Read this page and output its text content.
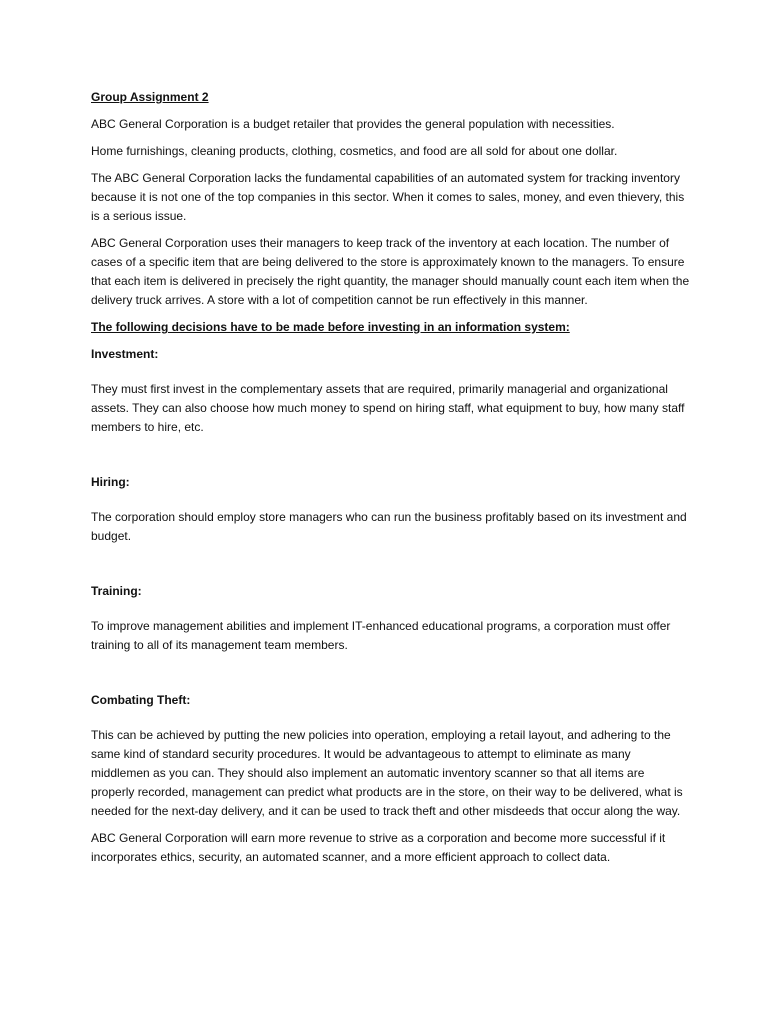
Group Assignment 2

ABC General Corporation is a budget retailer that provides the general population with necessities.

Home furnishings, cleaning products, clothing, cosmetics, and food are all sold for about one dollar.

The ABC General Corporation lacks the fundamental capabilities of an automated system for tracking inventory because it is not one of the top companies in this sector. When it comes to sales, money, and even thievery, this is a serious issue.

ABC General Corporation uses their managers to keep track of the inventory at each location. The number of cases of a specific item that are being delivered to the store is approximately known to the managers. To ensure that each item is delivered in precisely the right quantity, the manager should manually count each item when the delivery truck arrives. A store with a lot of competition cannot be run effectively in this manner.

The following decisions have to be made before investing in an information system:

Investment:

They must first invest in the complementary assets that are required, primarily managerial and organizational assets. They can also choose how much money to spend on hiring staff, what equipment to buy, how many staff members to hire, etc.

Hiring:

The corporation should employ store managers who can run the business profitably based on its investment and budget.

Training:

To improve management abilities and implement IT-enhanced educational programs, a corporation must offer training to all of its management team members.

Combating Theft:

This can be achieved by putting the new policies into operation, employing a retail layout, and adhering to the same kind of standard security procedures. It would be advantageous to attempt to eliminate as many middlemen as you can. They should also implement an automatic inventory scanner so that all items are properly recorded, management can predict what products are in the store, on their way to be delivered, what is needed for the next-day delivery, and it can be used to track theft and other misdeeds that occur along the way.

ABC General Corporation will earn more revenue to strive as a corporation and become more successful if it incorporates ethics, security, an automated scanner, and a more efficient approach to collect data.
